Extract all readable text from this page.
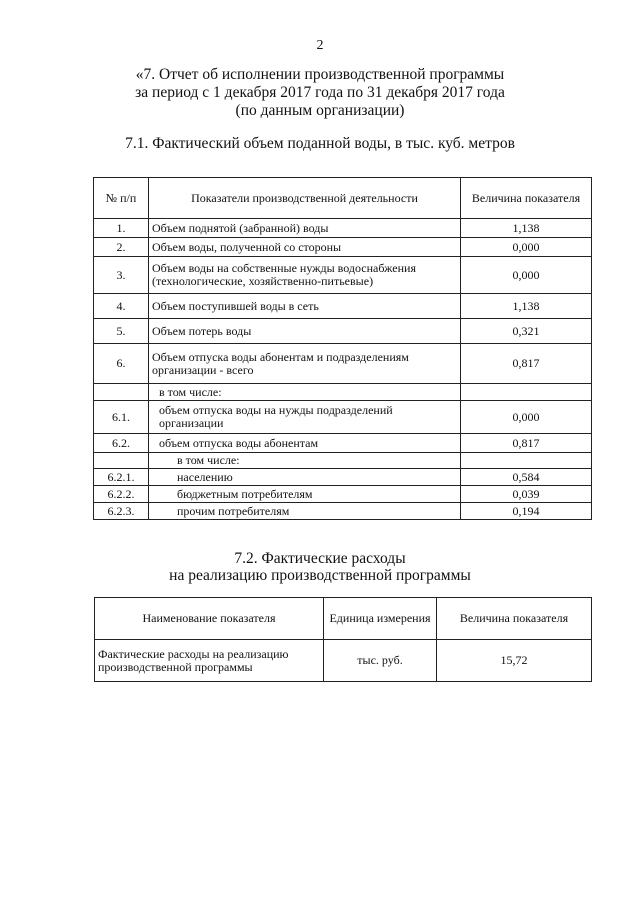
2
«7. Отчет об исполнении производственной программы
за период с 1 декабря 2017 года по 31 декабря 2017 года
(по данным организации)
7.1. Фактический объем поданной воды, в тыс. куб. метров
№ п/п	Показатели производственной деятельности	Величина показателя
1.	Объем поднятой (забранной) воды	1,138
2.	Объем воды, полученной со стороны	0,000
3.	Объем воды на собственные нужды водоснабжения (технологические, хозяйственно-питьевые)	0,000
4.	Объем поступившей воды в сеть	1,138
5.	Объем потерь воды	0,321
6.	Объем отпуска воды абонентам и подразделениям организации - всего	0,817
	в том числе:	
6.1.	объем отпуска воды на нужды подразделений организации	0,000
6.2.	объем отпуска воды абонентам	0,817
	в том числе:	
6.2.1.	населению	0,584
6.2.2.	бюджетным потребителям	0,039
6.2.3.	прочим потребителям	0,194
7.2. Фактические расходы
на реализацию производственной программы
Наименование показателя	Единица измерения	Величина показателя
Фактические расходы на реализацию производственной программы	тыс. руб.	15,72
